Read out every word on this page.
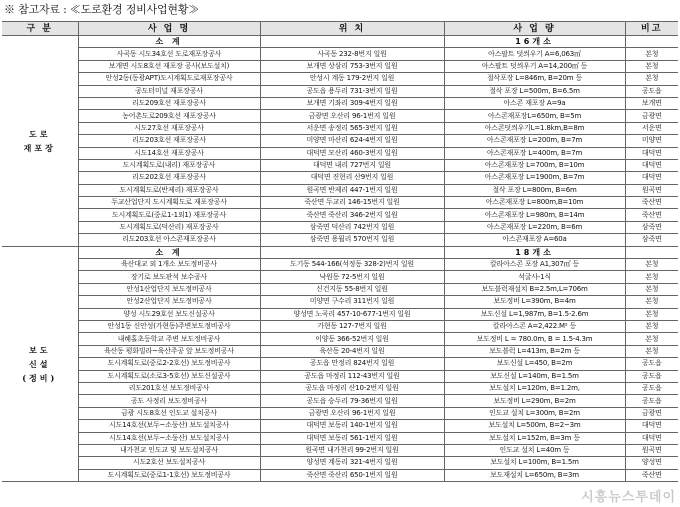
※ 참고자료 : ≪도로환경 정비사업현황≫
구 분	사 업 명	위 치	사 업 량	비고
도로
재포장	소 계		16개소	
	사곡동 시도34호선 도로재포장공사	사곡동 232-8번지 일원	아스팔트 덧씌우기 A=6,063㎡	본청
	보개면 시도8호선 재포장 공사(보도설치)	보개면 상삼리 753-3번지 일원	아스팔트 덧씌우기 A=14,200㎡ 등	본청
	안성2동(동광APT)도시계획도로재포장공사	안성시 계동 179-2번지 일원	절삭포장 L=846m, B=20m 등	본청
	공도터미널 재포장공사	공도읍 용두리 731-3번지 일원	절삭 포장 L=500m, B=6.5m	공도읍
	리도209호선 재포장공사	보개면 기좌리 309-4번지 일원	아스콘 재포장 A=9a	보개면
	농어촌도로209호선 재포장공사	금광면 오산리 96-1번지 일원	아스콘재포장L=650m, B=5m	금광면
	시도27호선 재포장공사	서운면 송정리 565-3번지 일원	아스콘덧씌우기L=1.8km,B=8m	서운면
	리도203호선 재포장공사	미양면 마산리 624-4번지 일원	아스콘재포장 L=200m, B=7m	미양면
	시도14호선 재포장공사	대덕면 모산리 460-3번지 일원	아스콘재포장 L=400m, B=7m	대덕면
	도시계획도로(내리) 재포장공사	대덕면 내리 727번지 일원	아스콘재포장 L=700m, B=10m	대덕면
	리도202호선 재포장공사	대덕면 진현리 산9번지 일원	아스콘재포장 L=1900m, B=7m	대덕면
	도시계획도로(반제리) 재포장공사	원곡면 반제리 447-1번지 일원	절삭 포장 L=800m, B=6m	원곡면
	두교산업단지 도시계획도로 재포장공사	죽산면 두교리 146-15번지 일원	아스콘재포장 L=800m,B=10m	죽산면
	도시계획도로(중로1-1외1) 재포장공사	죽산면 죽산리 346-2번지 일원	아스콘재포장 L=980m, B=14m	죽산면
	도시계획도로(덕산리) 재포장공사	삼죽면 덕산리 742번지 일원	아스콘재포장 L=220m, B=6m	삼죽면
	리도203호선 아스콘재포장공사	삼죽면 용월리 570번지 일원	아스콘재포장 A=60a	삼죽면
보도
신설
(정비)	소 계		18개소	
	육산대교 외 1개소 보도정비공사	도기동 544-166(석정동 328-2)번지 일원	칼라아스콘 포장 A1,307㎡ 등	본청
	장기로 보도판석 보수공사	낙원동 72-5번지 일원	석굴사-1식	본청
	안성1산업단지 보도정비공사	신건지동 55-8번지 일원	보도블럭재설치 B=2.5m,L=706m	본청
	안성2산업단지 보도정비공사	미양면 구수리 311번지 일원	보도정비 L=390m, B=4m	본청
	양성 시도29호선 보도신설공사	양성면 노곡리 457-10-677-1번지 일원	보도신설 L=1,987m, B=1.5-2.6m	본청
	안성1동 신안성(가현동)주변보도정비공사	가현동 127-7번지 일원	칼라아스콘 A=2,422.M² 등	본청
	내혜홀초등학교 주변 보도정비공사	이양동 366-52번지 일원	보도정비 L = 780.0m, B = 1.5-4.3m	본청
	육산동 평화빌라~육산주공 앞 보도정비공사	육산동 20-4번지 일원	보도블럭 L=413m, B=2m 등	본청
	도시계획도로(중로2-2호선) 보도정비공사	공도읍 만정리 824번지 일원	보도신설 L=450, B=2m	공도읍
	도시계획도로(소로3-5호선) 보도신설공사	공도읍 마정리 112-43번지 일원	보도신설 L=140m, B=1.5m	공도읍
	리도201호선 보도정비공사	공도읍 마정리 산10-2번지 일원	보도설치 L=120m, B=1.2m,	공도읍
	공도 사정리 보도정비공사	공도읍 승두리 79-36번지 일원	보도정비 L=290m, B=2m	공도읍
	금광 시도8호선 인도교 설치공사	금광면 오산리 96-1번지 일원	인도교 설치 L=300m, B=2m	금광면
	시도14호선(보두~소둥산) 보도설치공사	대덕면 보동리 140-1번지 일원	보도설치 L=500m, B=2~3m	대덕면
	시도14호선(보두~소둥산) 보도설치공사	대덕면 보동리 561-1번지 일원	보도설치 L=152m, B=3m 등	대덕면
	내가천교 인도교 및 보도설치공사	원곡면 내가천리 99-2번지 일원	인도교 설치 L=40m 등	원곡면
	시도2호선 보도설치공사	양성면 계동리 321-4번지 일원	보도설치 L=100m, B=1.5m	양성면
	도시계획도로(중로1-1호선) 보도정비공사	죽산면 죽산리 650-1번지 일원	보도재설치 L=650m, B=3m	죽산면
시흥뉴스투데이
